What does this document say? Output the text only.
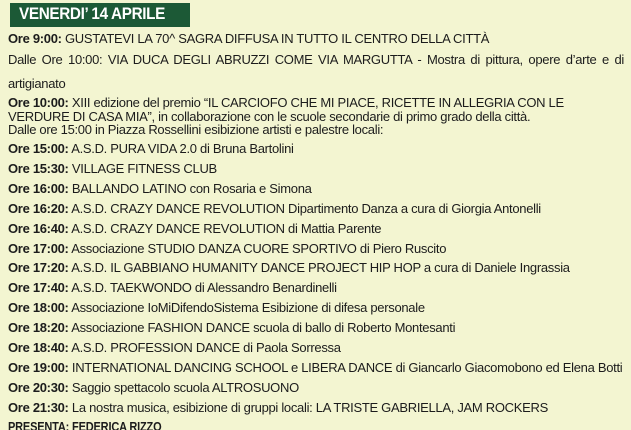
VENERDI’ 14 APRILE

Ore 9:00: GUSTATEVI LA 70^ SAGRA DIFFUSA IN TUTTO IL CENTRO DELLA CITTÀ

Dalle Ore 10:00: VIA DUCA DEGLI ABRUZZI COME VIA MARGUTTA - Mostra di pittura, opere d’arte e di artigianato

Ore 10:00: XIII edizione del premio “IL CARCIOFO CHE MI PIACE, RICETTE IN ALLEGRIA CON LE VERDURE DI CASA MIA”, in collaborazione con le scuole secondarie di primo grado della città.

Dalle ore 15:00 in Piazza Rossellini esibizione artisti e palestre locali:

Ore 15:00: A.S.D. PURA VIDA 2.0 di Bruna Bartolini
Ore 15:30: VILLAGE FITNESS CLUB
Ore 16:00: BALLANDO LATINO con Rosaria e Simona
Ore 16:20: A.S.D. CRAZY DANCE REVOLUTION Dipartimento Danza a cura di Giorgia Antonelli
Ore 16:40: A.S.D. CRAZY DANCE REVOLUTION di Mattia Parente
Ore 17:00: Associazione STUDIO DANZA CUORE SPORTIVO di Piero Ruscito
Ore 17:20: A.S.D. IL GABBIANO HUMANITY DANCE PROJECT HIP HOP a cura di Daniele Ingrassia
Ore 17:40: A.S.D. TAEKWONDO di Alessandro Benardinelli
Ore 18:00: Associazione IoMiDifendoSistema Esibizione di difesa personale
Ore 18:20: Associazione FASHION DANCE scuola di ballo di Roberto Montesanti
Ore 18:40: A.S.D. PROFESSION DANCE di Paola Sorressa
Ore 19:00: INTERNATIONAL DANCING SCHOOL e LIBERA DANCE di Giancarlo Giacomobono ed Elena Botti
Ore 20:30: Saggio spettacolo scuola ALTROSUONO
Ore 21:30: La nostra musica, esibizione di gruppi locali: LA TRISTE GABRIELLA, JAM ROCKERS

PRESENTA: FEDERICA RIZZO
